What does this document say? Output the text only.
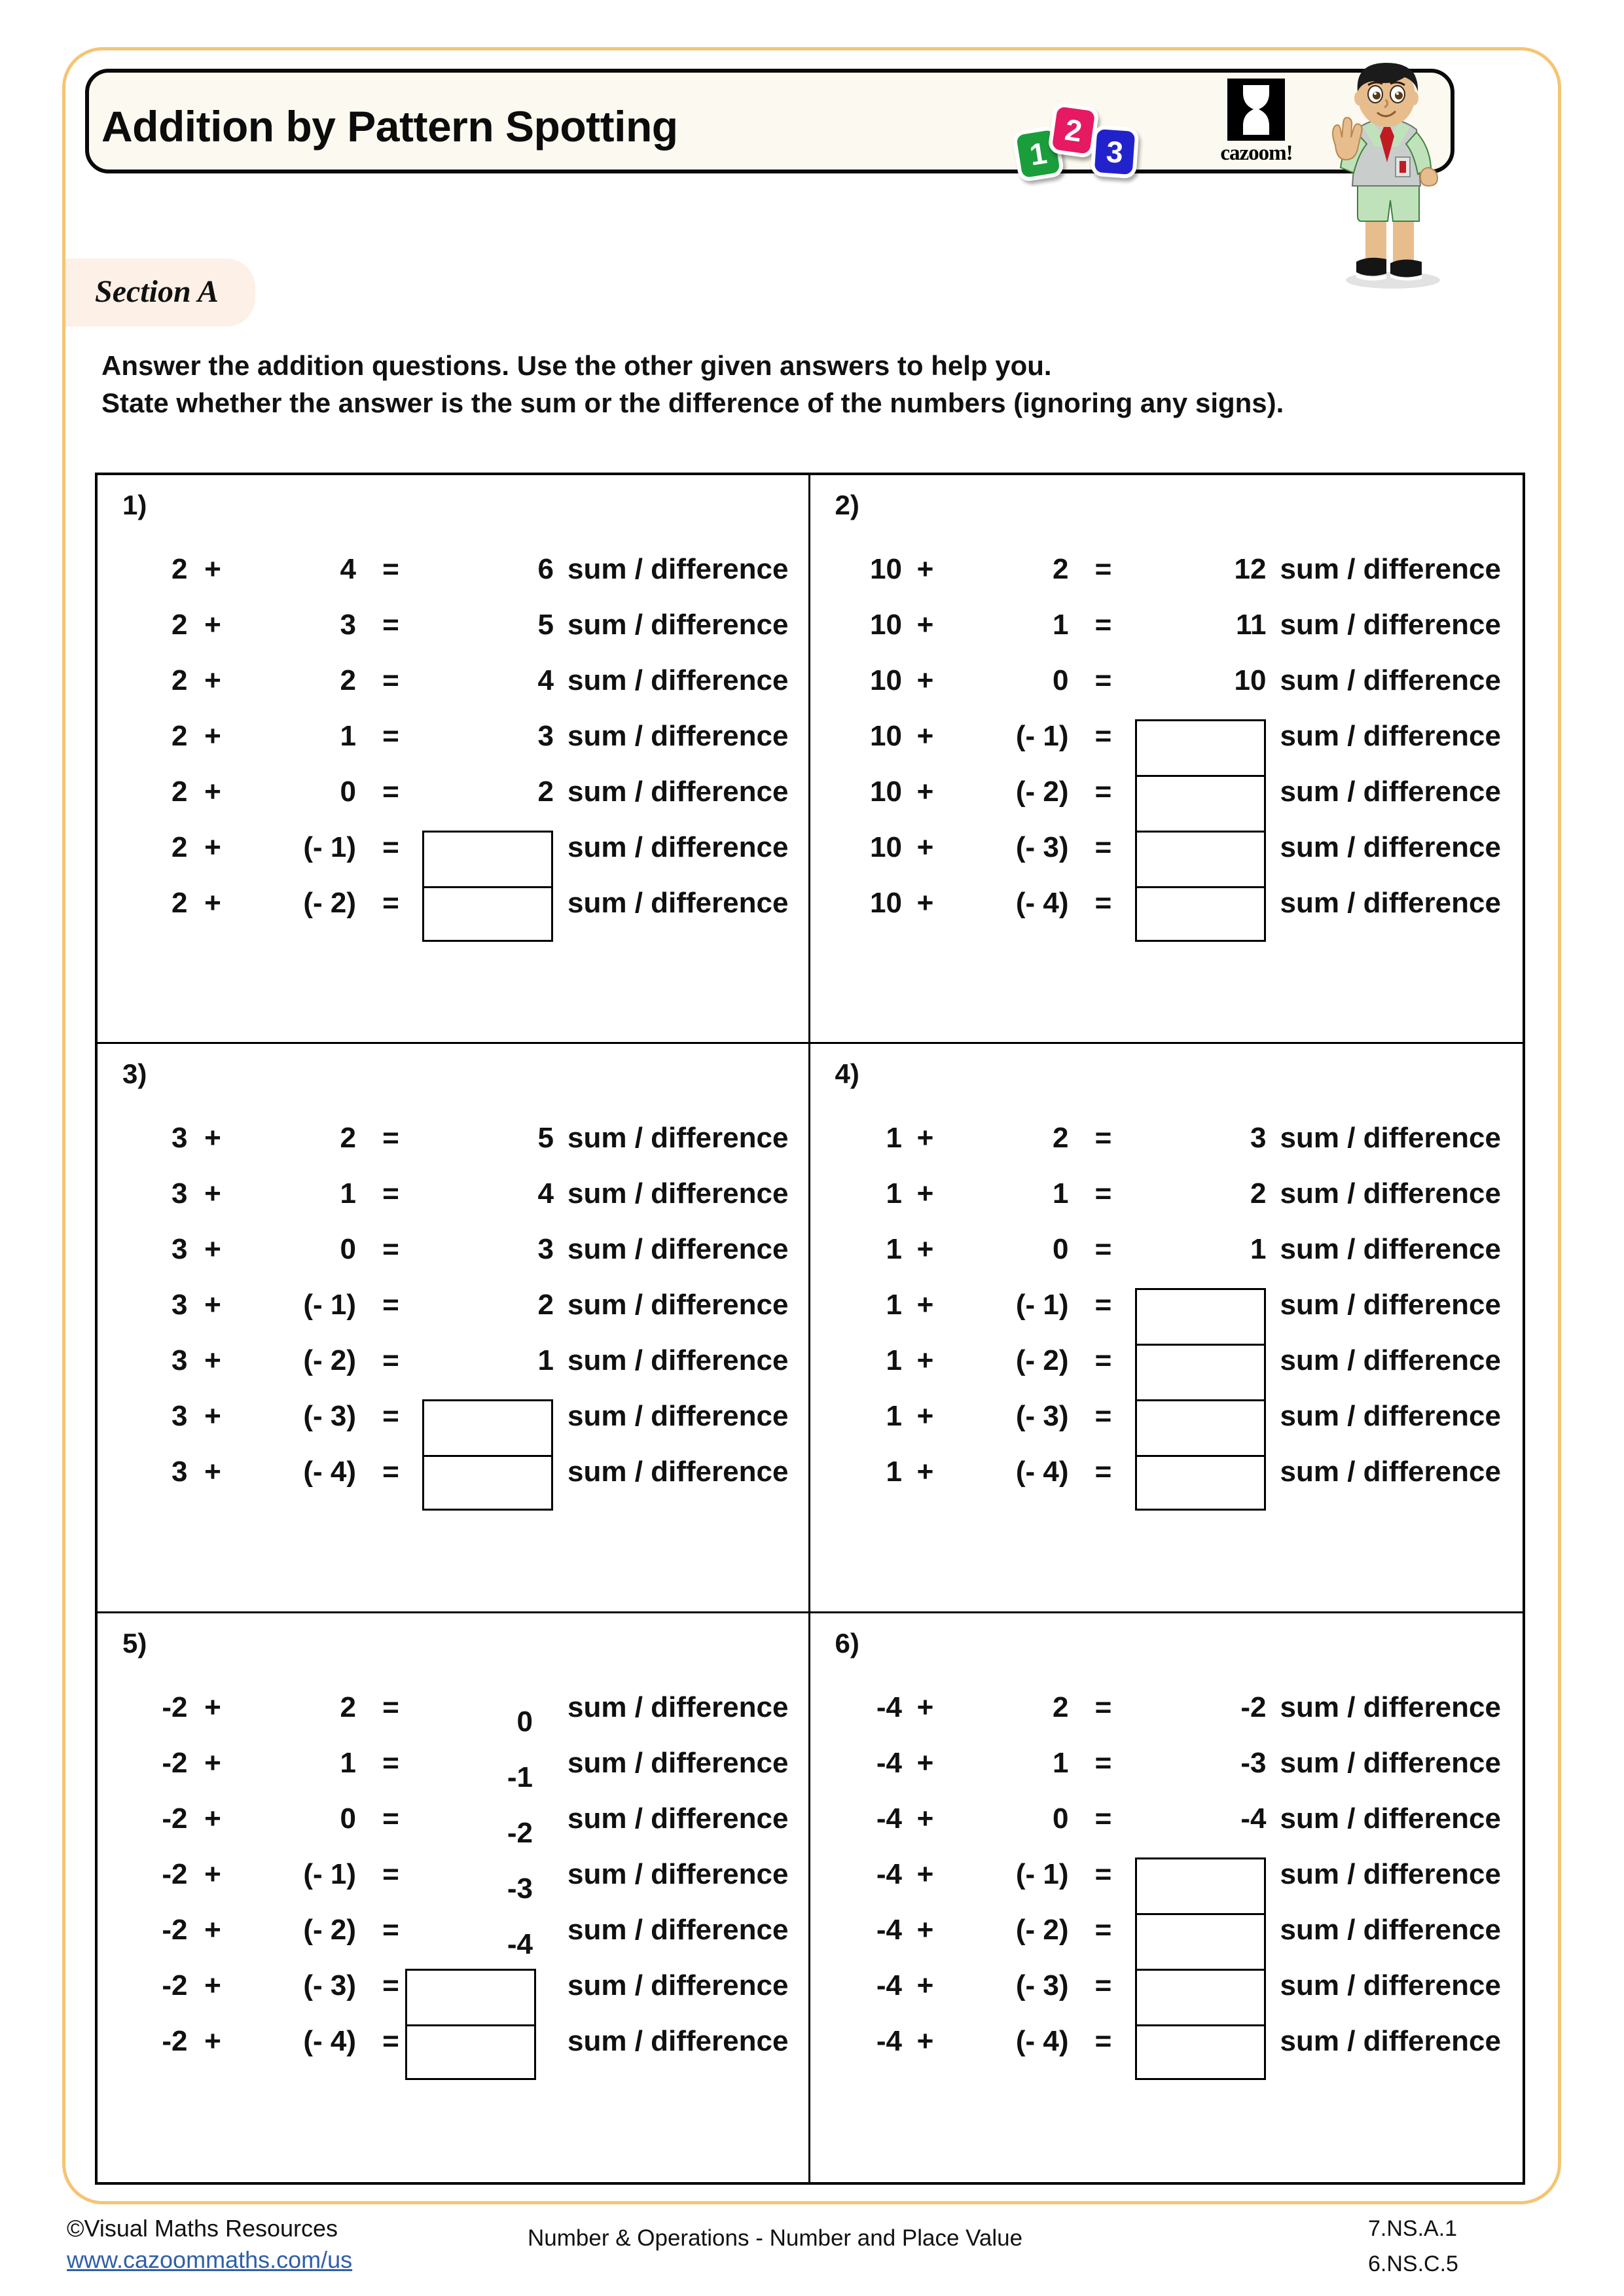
Addition by Pattern Spotting
1
2
3	cazoom!
Section A
Answer the addition questions. Use the other given answers to help you.
State whether the answer is the sum or the difference of the numbers (ignoring any signs).
1)
2 +	4 =	6 sum / difference
2 +	3 =	5 sum / difference
2 +	2 =	4 sum / difference
2 +	1 =	3 sum / difference
2 +	0 =	2 sum / difference
2 +	(- 1) =	sum / difference
2 +	(- 2) =	sum / difference
2)
10 +	2 =	12 sum / difference
10 +	1 =	11 sum / difference
10 +	0 =	10 sum / difference
10 +	(- 1) =	sum / difference
10 +	(- 2) =	sum / difference
10 +	(- 3) =	sum / difference
10 +	(- 4) =	sum / difference
3)
3 +	2 =	5 sum / difference
3 +	1 =	4 sum / difference
3 +	0 =	3 sum / difference
3 +	(- 1) =	2 sum / difference
3 +	(- 2) =	1 sum / difference
3 +	(- 3) =	sum / difference
3 +	(- 4) =	sum / difference
4)
1 +	2 =	3 sum / difference
1 +	1 =	2 sum / difference
1 +	0 =	1 sum / difference
1 +	(- 1) =	sum / difference
1 +	(- 2) =	sum / difference
1 +	(- 3) =	sum / difference
1 +	(- 4) =	sum / difference
5)
-2 +	2 =	0 sum / difference
-2 +	1 =	-1 sum / difference
-2 +	0 =	-2 sum / difference
-2 +	(- 1) =	-3 sum / difference
-2 +	(- 2) =	-4 sum / difference
-2 +	(- 3) =	sum / difference
-2 +	(- 4) =	sum / difference
6)
-4 +	2 =	-2 sum / difference
-4 +	1 =	-3 sum / difference
-4 +	0 =	-4 sum / difference
-4 +	(- 1) =	sum / difference
-4 +	(- 2) =	sum / difference
-4 +	(- 3) =	sum / difference
-4 +	(- 4) =	sum / difference
©Visual Maths Resources
www.cazoommaths.com/us
Number & Operations - Number and Place Value	7.NS.A.1
6.NS.C.5
